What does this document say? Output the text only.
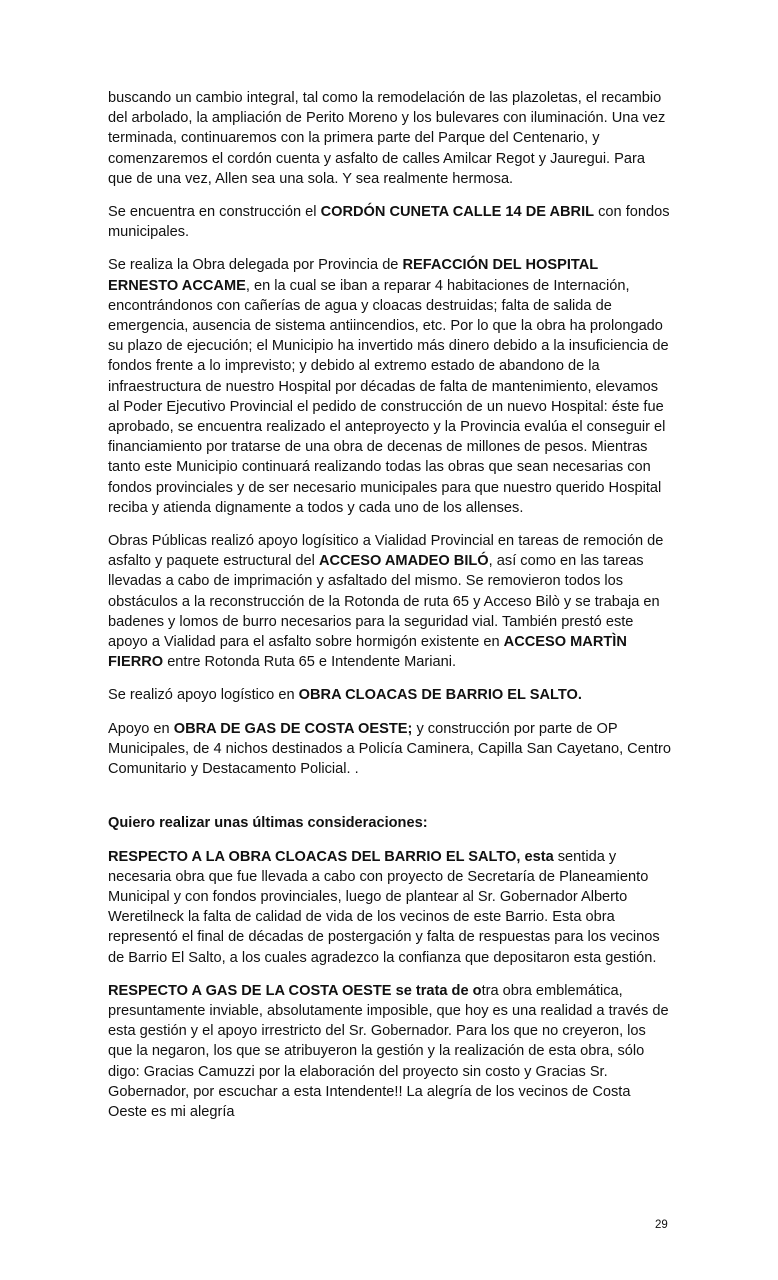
buscando un cambio integral, tal como la remodelación de las plazoletas, el recambio del arbolado, la ampliación de Perito Moreno y los bulevares con iluminación. Una vez terminada, continuaremos con la primera parte del Parque del Centenario, y comenzaremos el cordón cuenta y asfalto de calles Amilcar Regot y Jauregui. Para que de una vez, Allen sea una sola. Y sea realmente hermosa.

Se encuentra en construcción el CORDÓN CUNETA CALLE 14 DE ABRIL con fondos municipales.

Se realiza la Obra delegada por Provincia de REFACCIÓN DEL HOSPITAL ERNESTO ACCAME, en la cual se iban a reparar 4 habitaciones de Internación, encontrándonos con cañerías de agua y cloacas destruidas; falta de salida de emergencia, ausencia de sistema antiincendios, etc. Por lo que la obra ha prolongado su plazo de ejecución; el Municipio ha invertido más dinero debido a la insuficiencia de fondos frente a lo imprevisto; y debido al extremo estado de abandono de la infraestructura de nuestro Hospital por décadas de falta de mantenimiento, elevamos al Poder Ejecutivo Provincial el pedido de construcción de un nuevo Hospital: éste fue aprobado, se encuentra realizado el anteproyecto y la Provincia evalúa el conseguir el financiamiento por tratarse de una obra de decenas de millones de pesos. Mientras tanto este Municipio continuará realizando todas las obras que sean necesarias con fondos provinciales y de ser necesario municipales para que nuestro querido Hospital reciba y atienda dignamente a todos y cada uno de los allenses.

Obras Públicas realizó apoyo logísitico a Vialidad Provincial en tareas de remoción de asfalto y paquete estructural del ACCESO AMADEO BILÓ, así como en las tareas llevadas a cabo de imprimación y asfaltado del mismo. Se removieron todos los obstáculos a la reconstrucción de la Rotonda de ruta 65 y Acceso Bilò y se trabaja en badenes y lomos de burro necesarios para la seguridad vial. También prestó este apoyo a Vialidad para el asfalto sobre hormigón existente en ACCESO MARTÌN FIERRO entre Rotonda Ruta 65 e Intendente Mariani.

Se realizó apoyo logístico en OBRA CLOACAS DE BARRIO EL SALTO.

Apoyo en OBRA DE GAS DE COSTA OESTE; y construcción por parte de OP Municipales, de 4 nichos destinados a Policía Caminera, Capilla San Cayetano, Centro Comunitario y Destacamento Policial. .

Quiero realizar unas últimas consideraciones:

RESPECTO A LA OBRA CLOACAS DEL BARRIO EL SALTO, esta sentida y necesaria obra que fue llevada a cabo con proyecto de Secretaría de Planeamiento Municipal y con fondos provinciales, luego de plantear al Sr. Gobernador Alberto Weretilneck la falta de calidad de vida de los vecinos de este Barrio. Esta obra representó el final de décadas de postergación y falta de respuestas para los vecinos de Barrio El Salto, a los cuales agradezco la confianza que depositaron esta gestión.

RESPECTO A GAS DE LA COSTA OESTE se trata de otra obra emblemática, presuntamente inviable, absolutamente imposible, que hoy es una realidad a través de esta gestión y el apoyo irrestricto del Sr. Gobernador. Para los que no creyeron, los que la negaron, los que se atribuyeron la gestión y la realización de esta obra, sólo digo: Gracias Camuzzi por la elaboración del proyecto sin costo y Gracias Sr. Gobernador, por escuchar a esta Intendente!! La alegría de los vecinos de Costa Oeste es mi alegría

29
